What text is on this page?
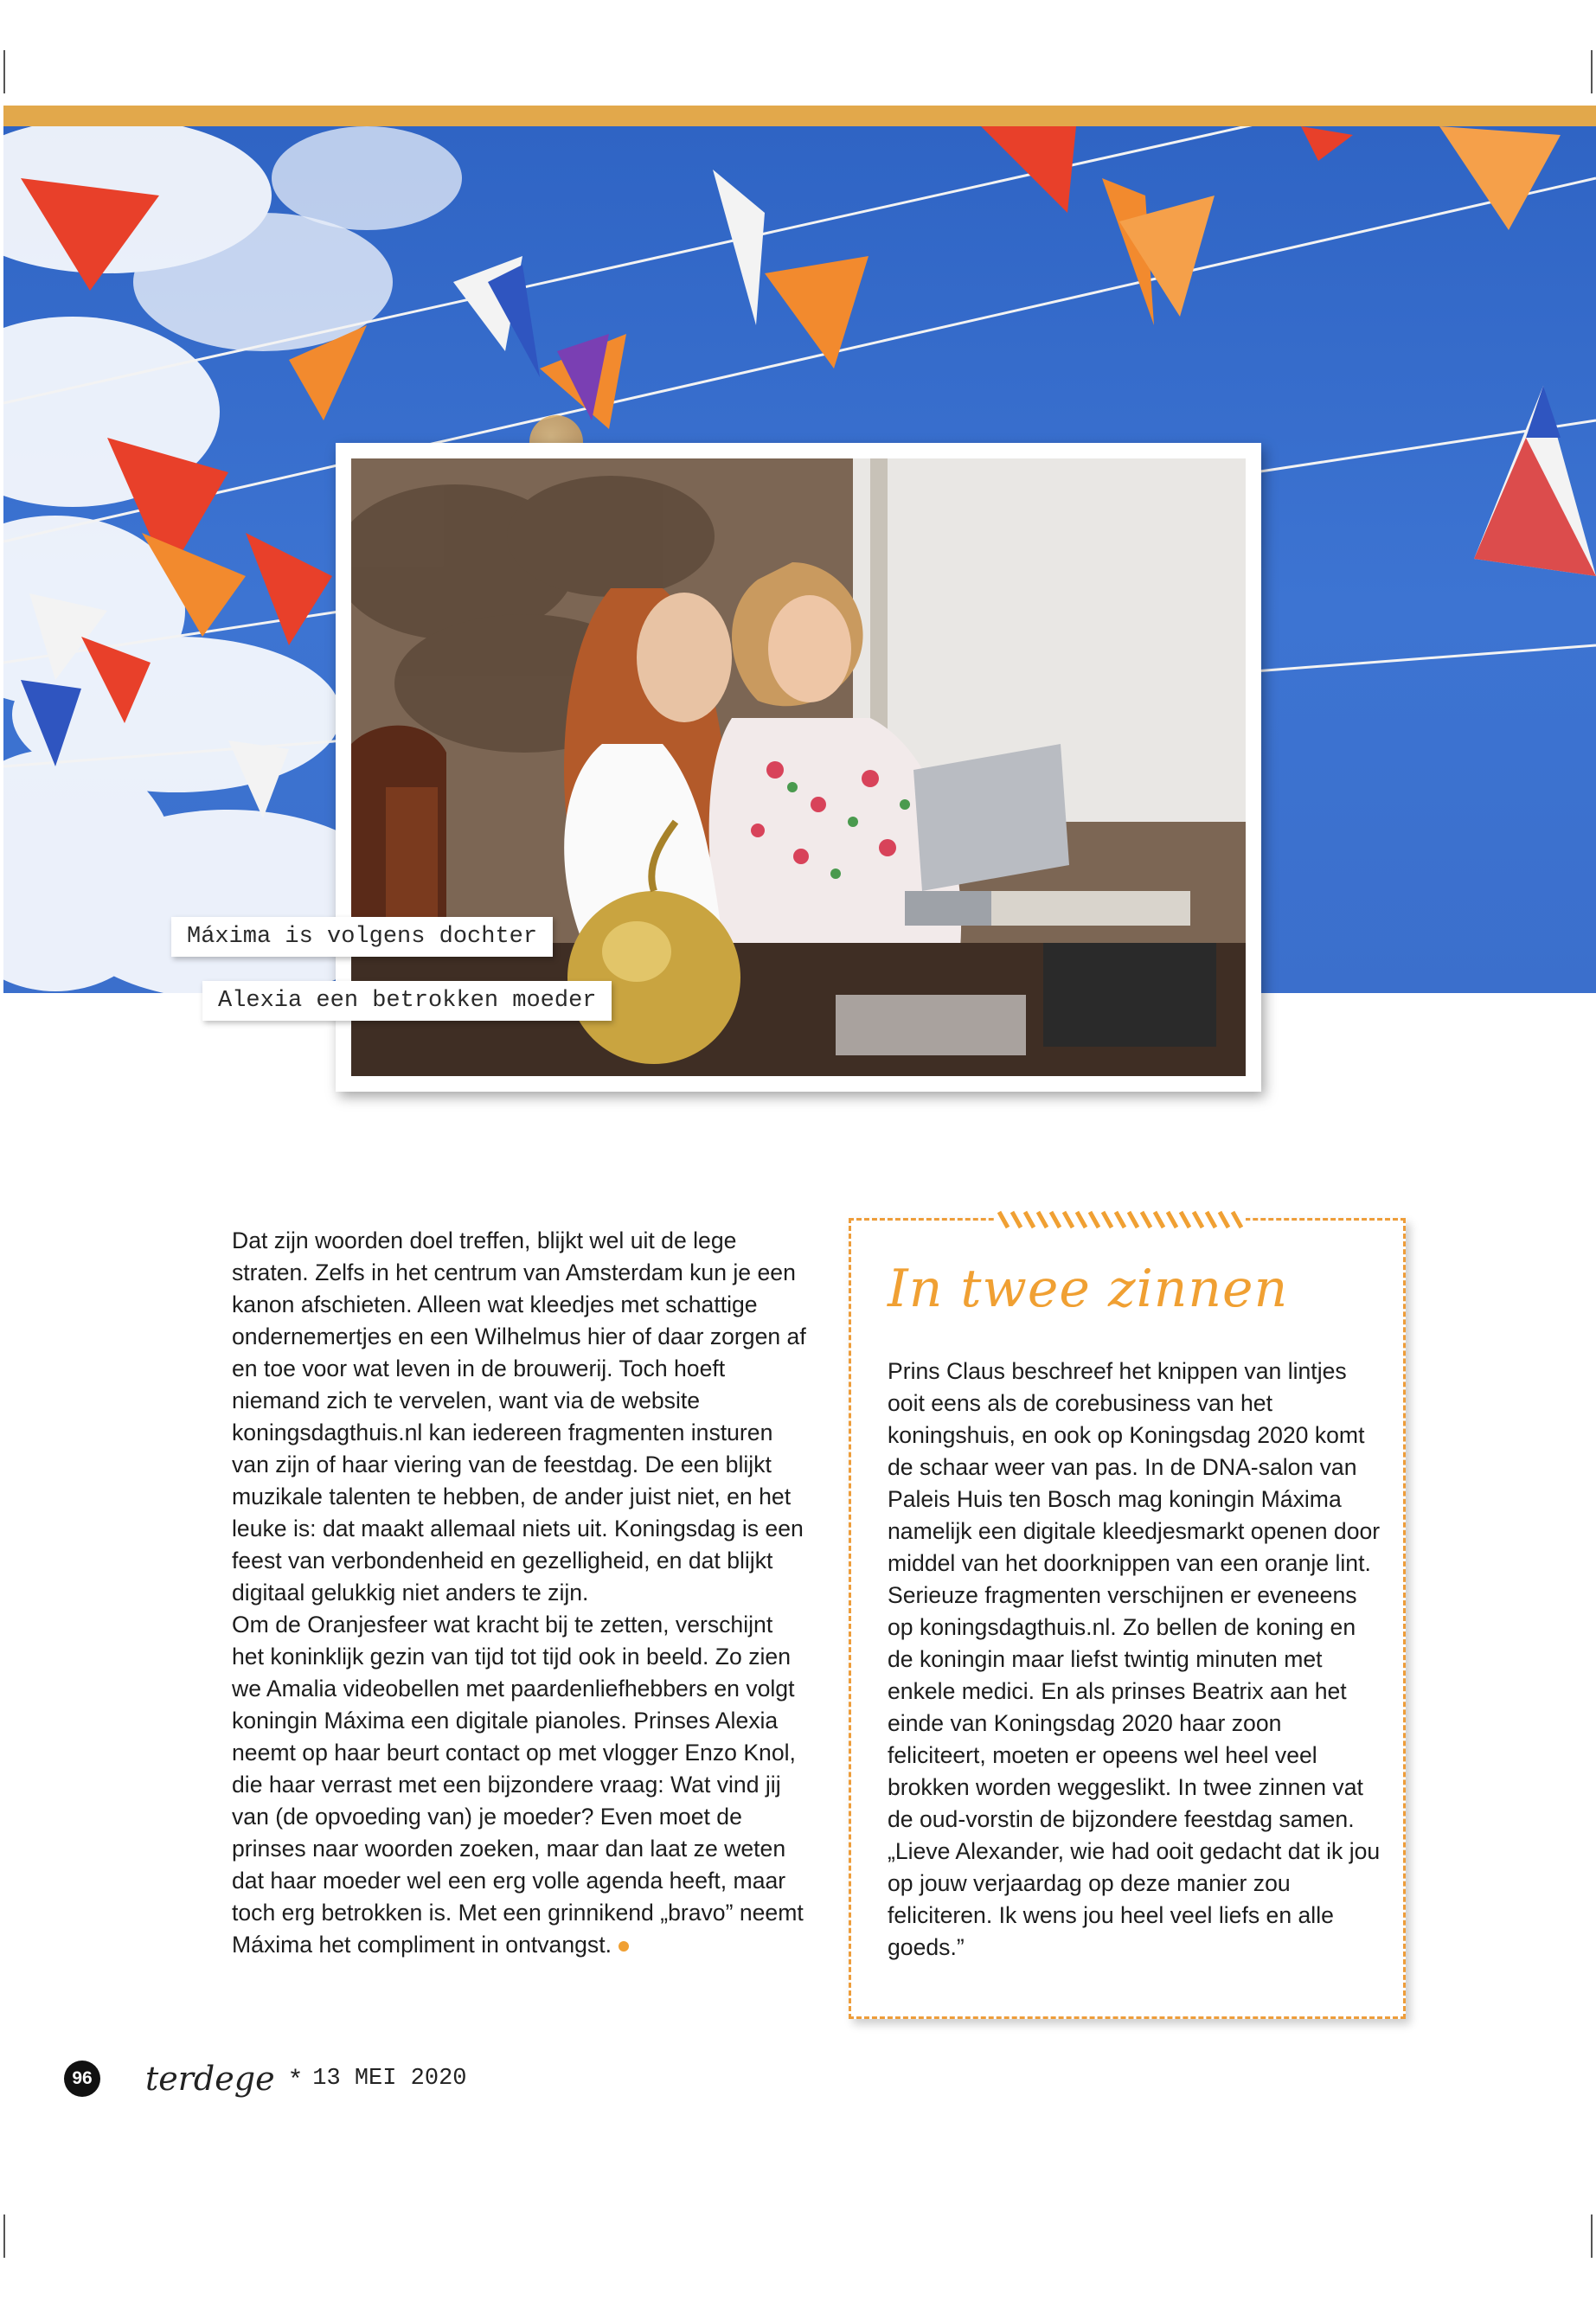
Máxima is volgens dochter
Alexia een betrokken moeder

Dat zijn woorden doel treffen, blijkt wel uit de lege straten. Zelfs in het centrum van Amsterdam kun je een kanon afschieten. Alleen wat kleedjes met schattige ondernemertjes en een Wilhelmus hier of daar zorgen af en toe voor wat leven in de brouwerij. Toch hoeft niemand zich te vervelen, want via de website koningsdagthuis.nl kan iedereen fragmenten insturen van zijn of haar viering van de feestdag. De een blijkt muzikale talenten te hebben, de ander juist niet, en het leuke is: dat maakt allemaal niets uit. Koningsdag is een feest van verbondenheid en gezelligheid, en dat blijkt digitaal gelukkig niet anders te zijn.

Om de Oranjesfeer wat kracht bij te zetten, verschijnt het koninklijk gezin van tijd tot tijd ook in beeld. Zo zien we Amalia videobellen met paardenliefhebbers en volgt koningin Máxima een digitale pianoles. Prinses Alexia neemt op haar beurt contact op met vlogger Enzo Knol, die haar verrast met een bijzondere vraag: Wat vind jij van (de opvoeding van) je moeder? Even moet de prinses naar woorden zoeken, maar dan laat ze weten dat haar moeder wel een erg volle agenda heeft, maar toch erg betrokken is. Met een grinnikend „bravo” neemt Máxima het compliment in ontvangst.

In twee zinnen

Prins Claus beschreef het knippen van lintjes ooit eens als de corebusiness van het koningshuis, en ook op Koningsdag 2020 komt de schaar weer van pas. In de DNA-salon van Paleis Huis ten Bosch mag koningin Máxima namelijk een digitale kleedjesmarkt openen door middel van het doorknippen van een oranje lint. Serieuze fragmenten verschijnen er eveneens op koningsdagthuis.nl. Zo bellen de koning en de koningin maar liefst twintig minuten met enkele medici. En als prinses Beatrix aan het einde van Koningsdag 2020 haar zoon feliciteert, moeten er opeens wel heel veel brokken worden weggeslikt. In twee zinnen vat de oud-vorstin de bijzondere feestdag samen. „Lieve Alexander, wie had ooit gedacht dat ik jou op jouw verjaardag op deze manier zou feliciteren. Ik wens jou heel veel liefs en alle goeds.”

96 terdege * 13 MEI 2020
